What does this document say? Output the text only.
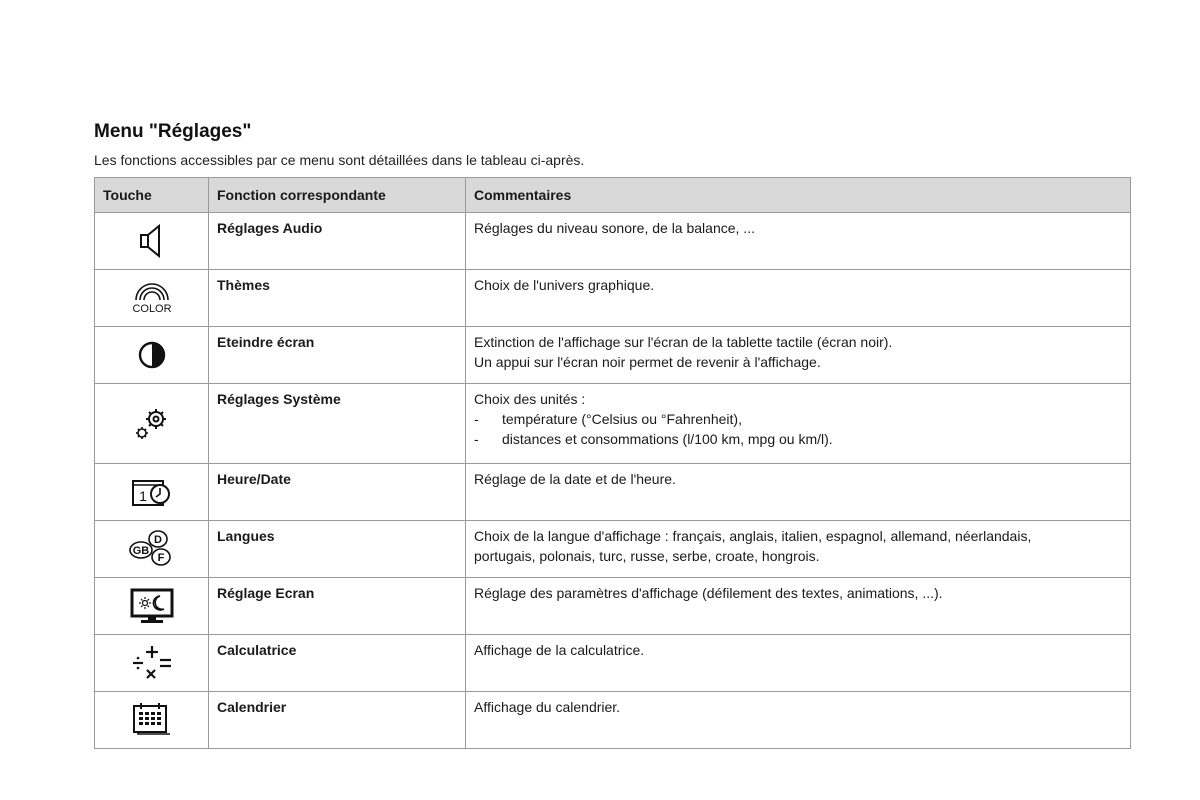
Menu "Réglages"

Les fonctions accessibles par ce menu sont détaillées dans le tableau ci-après.

Touche	Fonction correspondante	Commentaires

	Réglages Audio	Réglages du niveau sonore, de la balance, ...

COLOR	Thèmes	Choix de l'univers graphique.

	Eteindre écran	Extinction de l'affichage sur l'écran de la tablette tactile (écran noir).
Un appui sur l'écran noir permet de revenir à l'affichage.

	Réglages Système	Choix des unités :
- température (°Celsius ou °Fahrenheit),
- distances et consommations (l/100 km, mpg ou km/l).

1	Heure/Date	Réglage de la date et de l'heure.

D
GB
F	Langues	Choix de la langue d'affichage : français, anglais, italien, espagnol, allemand, néerlandais,
portugais, polonais, turc, russe, serbe, croate, hongrois.

	Réglage Ecran	Réglage des paramètres d'affichage (défilement des textes, animations, ...).

	Calculatrice	Affichage de la calculatrice.

	Calendrier	Affichage du calendrier.
